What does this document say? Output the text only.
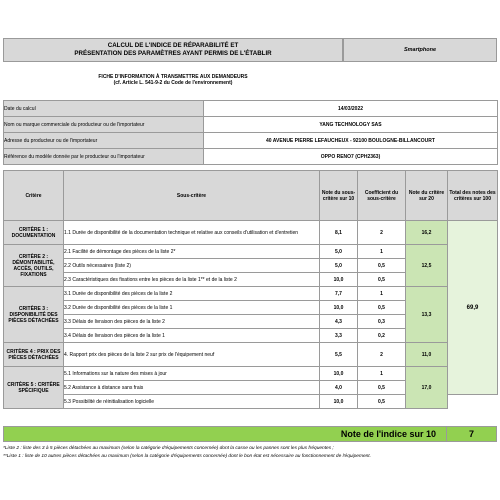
CALCUL DE L'INDICE DE RÉPARABILITÉ ET
PRÉSENTATION DES PARAMÈTRES AYANT PERMIS DE L'ÉTABLIR	Smartphone
FICHE D'INFORMATION À TRANSMETTRE AUX DEMANDEURS
(cf. Article L. 541-9-2 du Code de l'environnement)
Date du calcul	14/03/2022
Nom ou marque commerciale du producteur ou de l'importateur	YANG TECHNOLOGY SAS
Adresse du producteur ou de l'importateur	40 AVENUE PIERRE LEFAUCHEUX - 92100 BOULOGNE-BILLANCOURT
Référence du modèle donnée par le producteur ou l'importateur	OPPO RENO7 (CPH2363)
Critère	Sous-critère	Note du sous-critère sur 10	Coefficient du sous-critère	Note du critère sur 20	Total des notes des critères sur 100
CRITÈRE 1 : DOCUMENTATION	1.1 Durée de disponibilité de la documentation technique et relative aux conseils d'utilisation et d'entretien	8,1	2	16,2	69,9
CRITÈRE 2 : DÉMONTABILITÉ, ACCÈS, OUTILS, FIXATIONS	2.1 Facilité de démontage des pièces de la liste 2*	5,0	1	12,5	
	2.2 Outils nécessaires (liste 2)	5,0	0,5		
	2.3 Caractéristiques des fixations entre les pièces de la liste 1** et de la liste 2	10,0	0,5		
CRITÈRE 3 : DISPONIBILITÉ DES PIÈCES DÉTACHÉES	3.1 Durée de disponibilité des pièces de la liste 2	7,7	1	13,3	
	3.2 Durée de disponibilité des pièces de la liste 1	10,0	0,5		
	3.3 Délais de livraison des pièces de la liste 2	4,3	0,3		
	3.4 Délais de livraison des pièces de la liste 1	3,3	0,2		
CRITÈRE 4 : PRIX DES PIÈCES DÉTACHÉES	4. Rapport prix des pièces de la liste 2 sur prix de l'équipement neuf	5,5	2	11,0	
CRITÈRE 5 : CRITÈRE SPÉCIFIQUE	5.1 Informations sur la nature des mises à jour	10,0	1	17,0	
	5.2 Assistance à distance sans frais	4,0	0,5		
	5.3 Possibilité de réinitialisation logicielle	10,0	0,5		
Note de l'indice sur 10	7
*Liste 2 : liste des 3 à 5 pièces détachées au maximum (selon la catégorie d'équipements concernée) dont la casse ou les pannes sont les plus fréquentes ;
**Liste 1 : liste de 10 autres pièces détachées au maximum (selon la catégorie d'équipements concernée) dont le bon état est nécessaire au fonctionnement de l'équipement.
